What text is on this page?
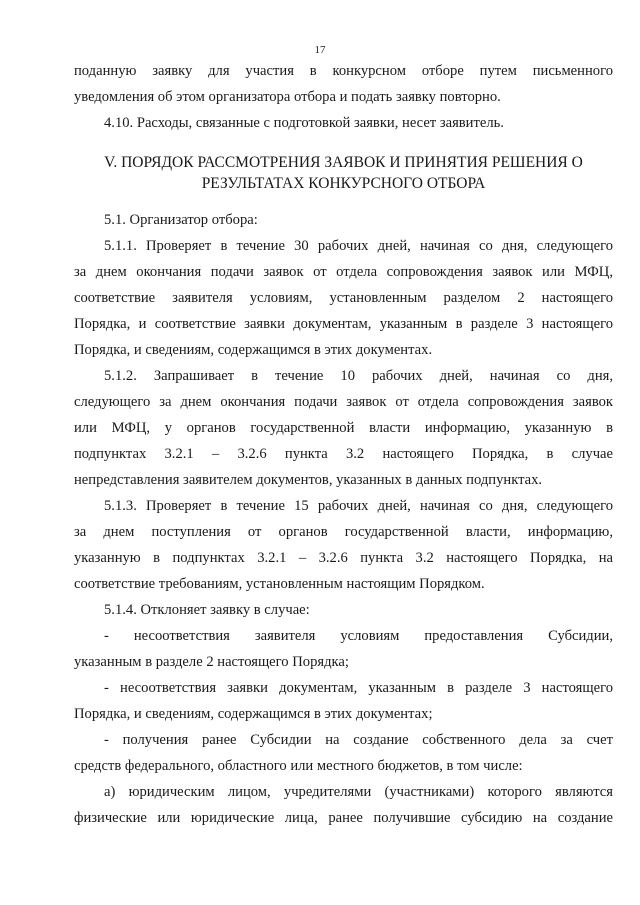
17
поданную заявку для участия в конкурсном отборе путем письменного
уведомления об этом организатора отбора и подать заявку повторно.
4.10. Расходы, связанные с подготовкой заявки, несет заявитель.
V. ПОРЯДОК РАССМОТРЕНИЯ ЗАЯВОК И ПРИНЯТИЯ РЕШЕНИЯ О
РЕЗУЛЬТАТАХ КОНКУРСНОГО ОТБОРА
5.1. Организатор отбора:
5.1.1. Проверяет в течение 30 рабочих дней, начиная со дня, следующего
за днем окончания подачи заявок от отдела сопровождения заявок или МФЦ,
соответствие заявителя условиям, установленным разделом 2 настоящего
Порядка, и соответствие заявки документам, указанным в разделе 3 настоящего
Порядка, и сведениям, содержащимся в этих документах.
5.1.2. Запрашивает в течение 10 рабочих дней, начиная со дня,
следующего за днем окончания подачи заявок от отдела сопровождения заявок
или МФЦ, у органов государственной власти информацию, указанную в
подпунктах 3.2.1 – 3.2.6 пункта 3.2 настоящего Порядка, в случае
непредставления заявителем документов, указанных в данных подпунктах.
5.1.3. Проверяет в течение 15 рабочих дней, начиная со дня, следующего
за днем поступления от органов государственной власти, информацию,
указанную в подпунктах 3.2.1 – 3.2.6 пункта 3.2 настоящего Порядка, на
соответствие требованиям, установленным настоящим Порядком.
5.1.4. Отклоняет заявку в случае:
- несоответствия заявителя условиям предоставления Субсидии,
указанным в разделе 2 настоящего Порядка;
- несоответствия заявки документам, указанным в разделе 3 настоящего
Порядка, и сведениям, содержащимся в этих документах;
- получения ранее Субсидии на создание собственного дела за счет
средств федерального, областного или местного бюджетов, в том числе:
а) юридическим лицом, учредителями (участниками) которого являются
физические или юридические лица, ранее получившие субсидию на создание
